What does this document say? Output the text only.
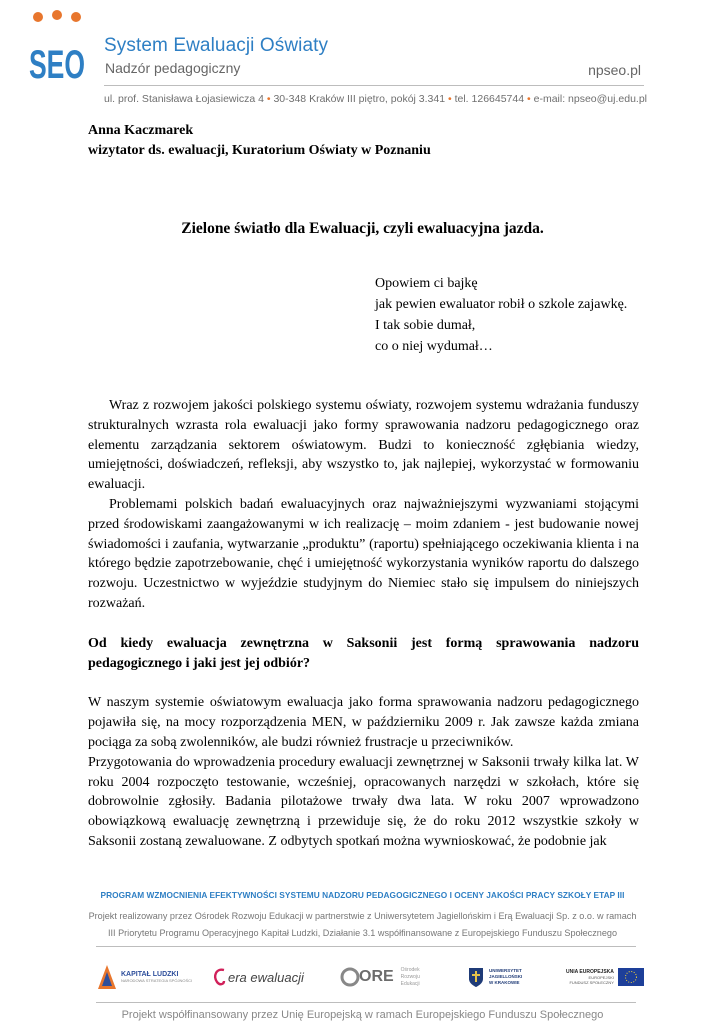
SEO System Ewaluacji Oświaty
Nadzór pedagogiczny	npseo.pl
ul. prof. Stanisława Łojasiewicza 4 • 30-348 Kraków III piętro, pokój 3.341 • tel. 126645744 • e-mail: npseo@uj.edu.pl
Anna Kaczmarek
wizytator ds. ewaluacji, Kuratorium Oświaty w Poznaniu
Zielone światło dla Ewaluacji, czyli ewaluacyjna jazda.
Opowiem ci bajkę
jak pewien ewaluator robił o szkole zajawkę.
I tak sobie dumał,
co o niej wydumał…

Wraz z rozwojem jakości polskiego systemu oświaty, rozwojem systemu wdrażania funduszy strukturalnych wzrasta rola ewaluacji jako formy sprawowania nadzoru pedagogicznego oraz elementu zarządzania sektorem oświatowym. Budzi to konieczność zgłębiania wiedzy, umiejętności, doświadczeń, refleksji, aby wszystko to, jak najlepiej, wykorzystać w formowaniu ewaluacji.

Problemami polskich badań ewaluacyjnych oraz najważniejszymi wyzwaniami stojącymi przed środowiskami zaangażowanymi w ich realizację – moim zdaniem - jest budowanie nowej świadomości i zaufania, wytwarzanie „produktu” (raportu) spełniającego oczekiwania klienta i na którego będzie zapotrzebowanie, chęć i umiejętność wykorzystania wyników raportu do dalszego rozwoju. Uczestnictwo w wyjeździe studyjnym do Niemiec stało się impulsem do niniejszych rozważań.

Od kiedy ewaluacja zewnętrzna w Saksonii jest formą sprawowania nadzoru pedagogicznego i jaki jest jej odbiór?

W naszym systemie oświatowym ewaluacja jako forma sprawowania nadzoru pedagogicznego pojawiła się, na mocy rozporządzenia MEN, w październiku 2009 r. Jak zawsze każda zmiana pociąga za sobą zwolenników, ale budzi również frustracje u przeciwników.

Przygotowania do wprowadzenia procedury ewaluacji zewnętrznej w Saksonii trwały kilka lat. W roku 2004 rozpoczęto testowanie, wcześniej, opracowanych narzędzi w szkołach, które się dobrowolnie zgłosiły. Badania pilotażowe trwały dwa lata. W roku 2007 wprowadzono obowiązkową ewaluację zewnętrzną i przewiduje się, że do roku 2012 wszystkie szkoły w Saksonii zostaną zewaluowane. Z odbytych spotkań można wywnioskować, że podobnie jak

PROGRAM WZMOCNIENIA EFEKTYWNOŚCI SYSTEMU NADZORU PEDAGOGICZNEGO I OCENY JAKOŚCI PRACY SZKOŁY ETAP III
Projekt realizowany przez Ośrodek Rozwoju Edukacji w partnerstwie z Uniwersytetem Jagiellońskim i Erą Ewaluacji Sp. z o.o. w ramach
III Priorytetu Programu Operacyjnego Kapitał Ludzki, Działanie 3.1 współfinansowane z Europejskiego Funduszu Społecznego
KAPITAŁ LUDZKI
NARODOWA STRATEGIA SPÓJNOŚCI	era ewaluacji	ORE Ośrodek
Rozwoju
Edukacji
UNIWERSYTET
JAGIELLOŃSKI
W KRAKOWIE
UNIA EUROPEJSKA
EUROPEJSKI
FUNDUSZ SPOŁECZNY
Projekt współfinansowany przez Unię Europejską w ramach Europejskiego Funduszu Społecznego
